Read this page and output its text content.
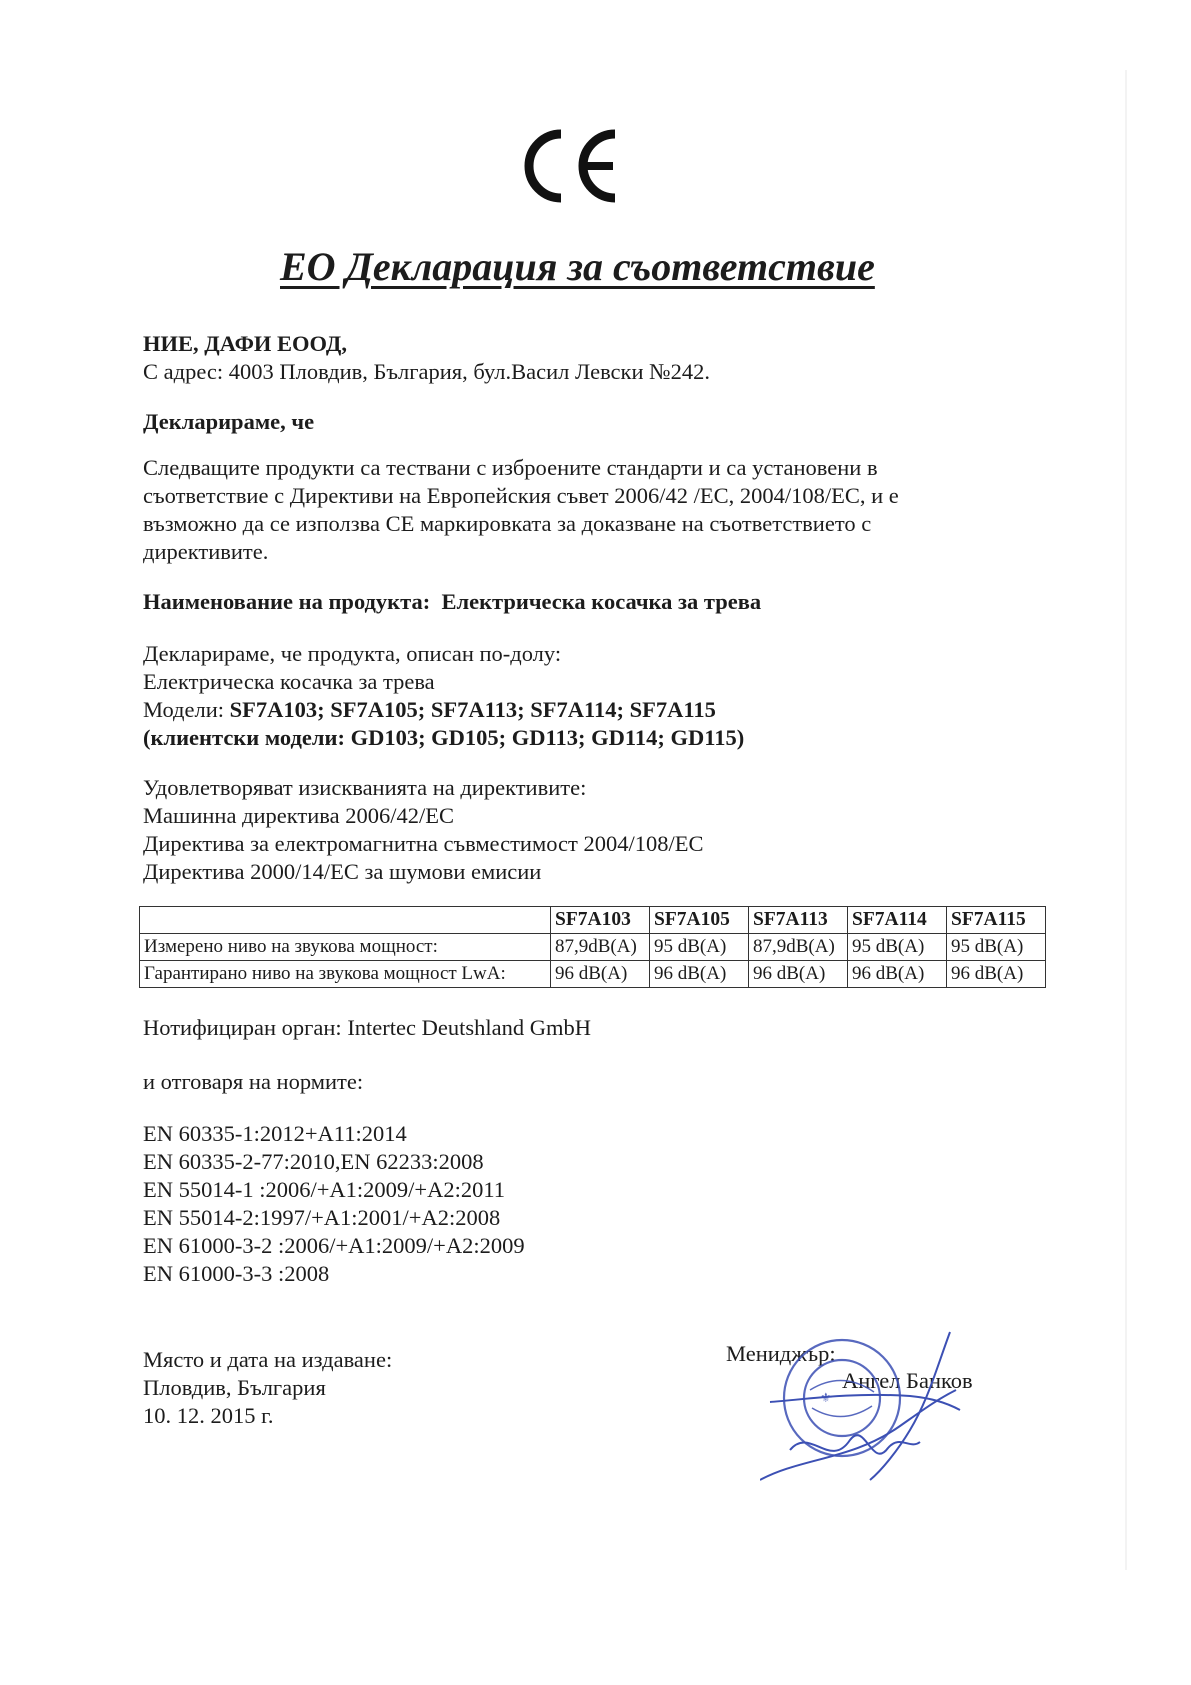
ЕО Декларация за съответствие
НИЕ, ДАФИ ЕООД,
С адрес: 4003 Пловдив, България, бул.Васил Левски №242.
Декларираме, че
Следващите продукти са тествани с изброените стандарти и са установени в
съответствие с Директиви на Европейския съвет 2006/42 /ЕС, 2004/108/ЕС, и е
възможно да се използва СЕ маркировката за доказване на съответствието с
директивите.
Наименование на продукта: Електрическа косачка за трева
Декларираме, че продукта, описан по-долу:
Електрическа косачка за трева
Модели: SF7A103; SF7A105; SF7A113; SF7A114; SF7A115
(клиентски модели: GD103; GD105; GD113; GD114; GD115)
Удовлетворяват изискванията на директивите:
Машинна директива 2006/42/ЕС
Директива за електромагнитна съвместимост 2004/108/ЕС
Директива 2000/14/ЕС за шумови емисии
	SF7A103	SF7A105	SF7A113	SF7A114	SF7A115
Измерено ниво на звукова мощност:	87,9dB(A)	95 dB(A)	87,9dB(A)	95 dB(A)	95 dB(A)
Гарантирано ниво на звукова мощност LwA:	96 dB(A)	96 dB(A)	96 dB(A)	96 dB(A)	96 dB(A)
Нотифициран орган: Intertec Deutshland GmbH
и отговаря на нормите:
EN 60335-1:2012+A11:2014
EN 60335-2-77:2010,EN 62233:2008
EN 55014-1 :2006/+A1:2009/+A2:2011
EN 55014-2:1997/+A1:2001/+A2:2008
EN 61000-3-2 :2006/+A1:2009/+A2:2009
EN 61000-3-3 :2008
Място и дата на издаване:
Пловдив, България
10. 12. 2015 г.
Мениджър:
Ангел Банков
⚜
